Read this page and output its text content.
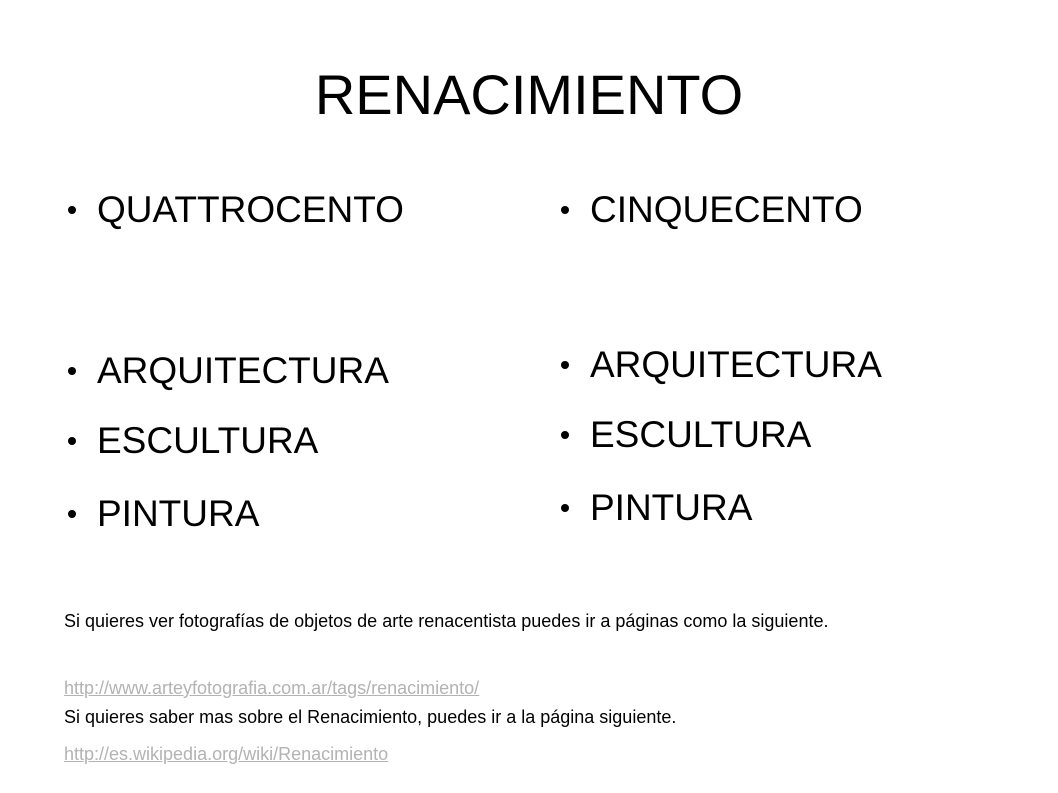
RENACIMIENTO
QUATTROCENTO
ARQUITECTURA
ESCULTURA
PINTURA
CINQUECENTO
ARQUITECTURA
ESCULTURA
PINTURA

Si quieres ver fotografías de objetos de arte renacentista puedes ir a páginas como la siguiente.

http://www.arteyfotografia.com.ar/tags/renacimiento/

Si quieres saber mas sobre el Renacimiento, puedes ir a la página siguiente.

http://es.wikipedia.org/wiki/Renacimiento
